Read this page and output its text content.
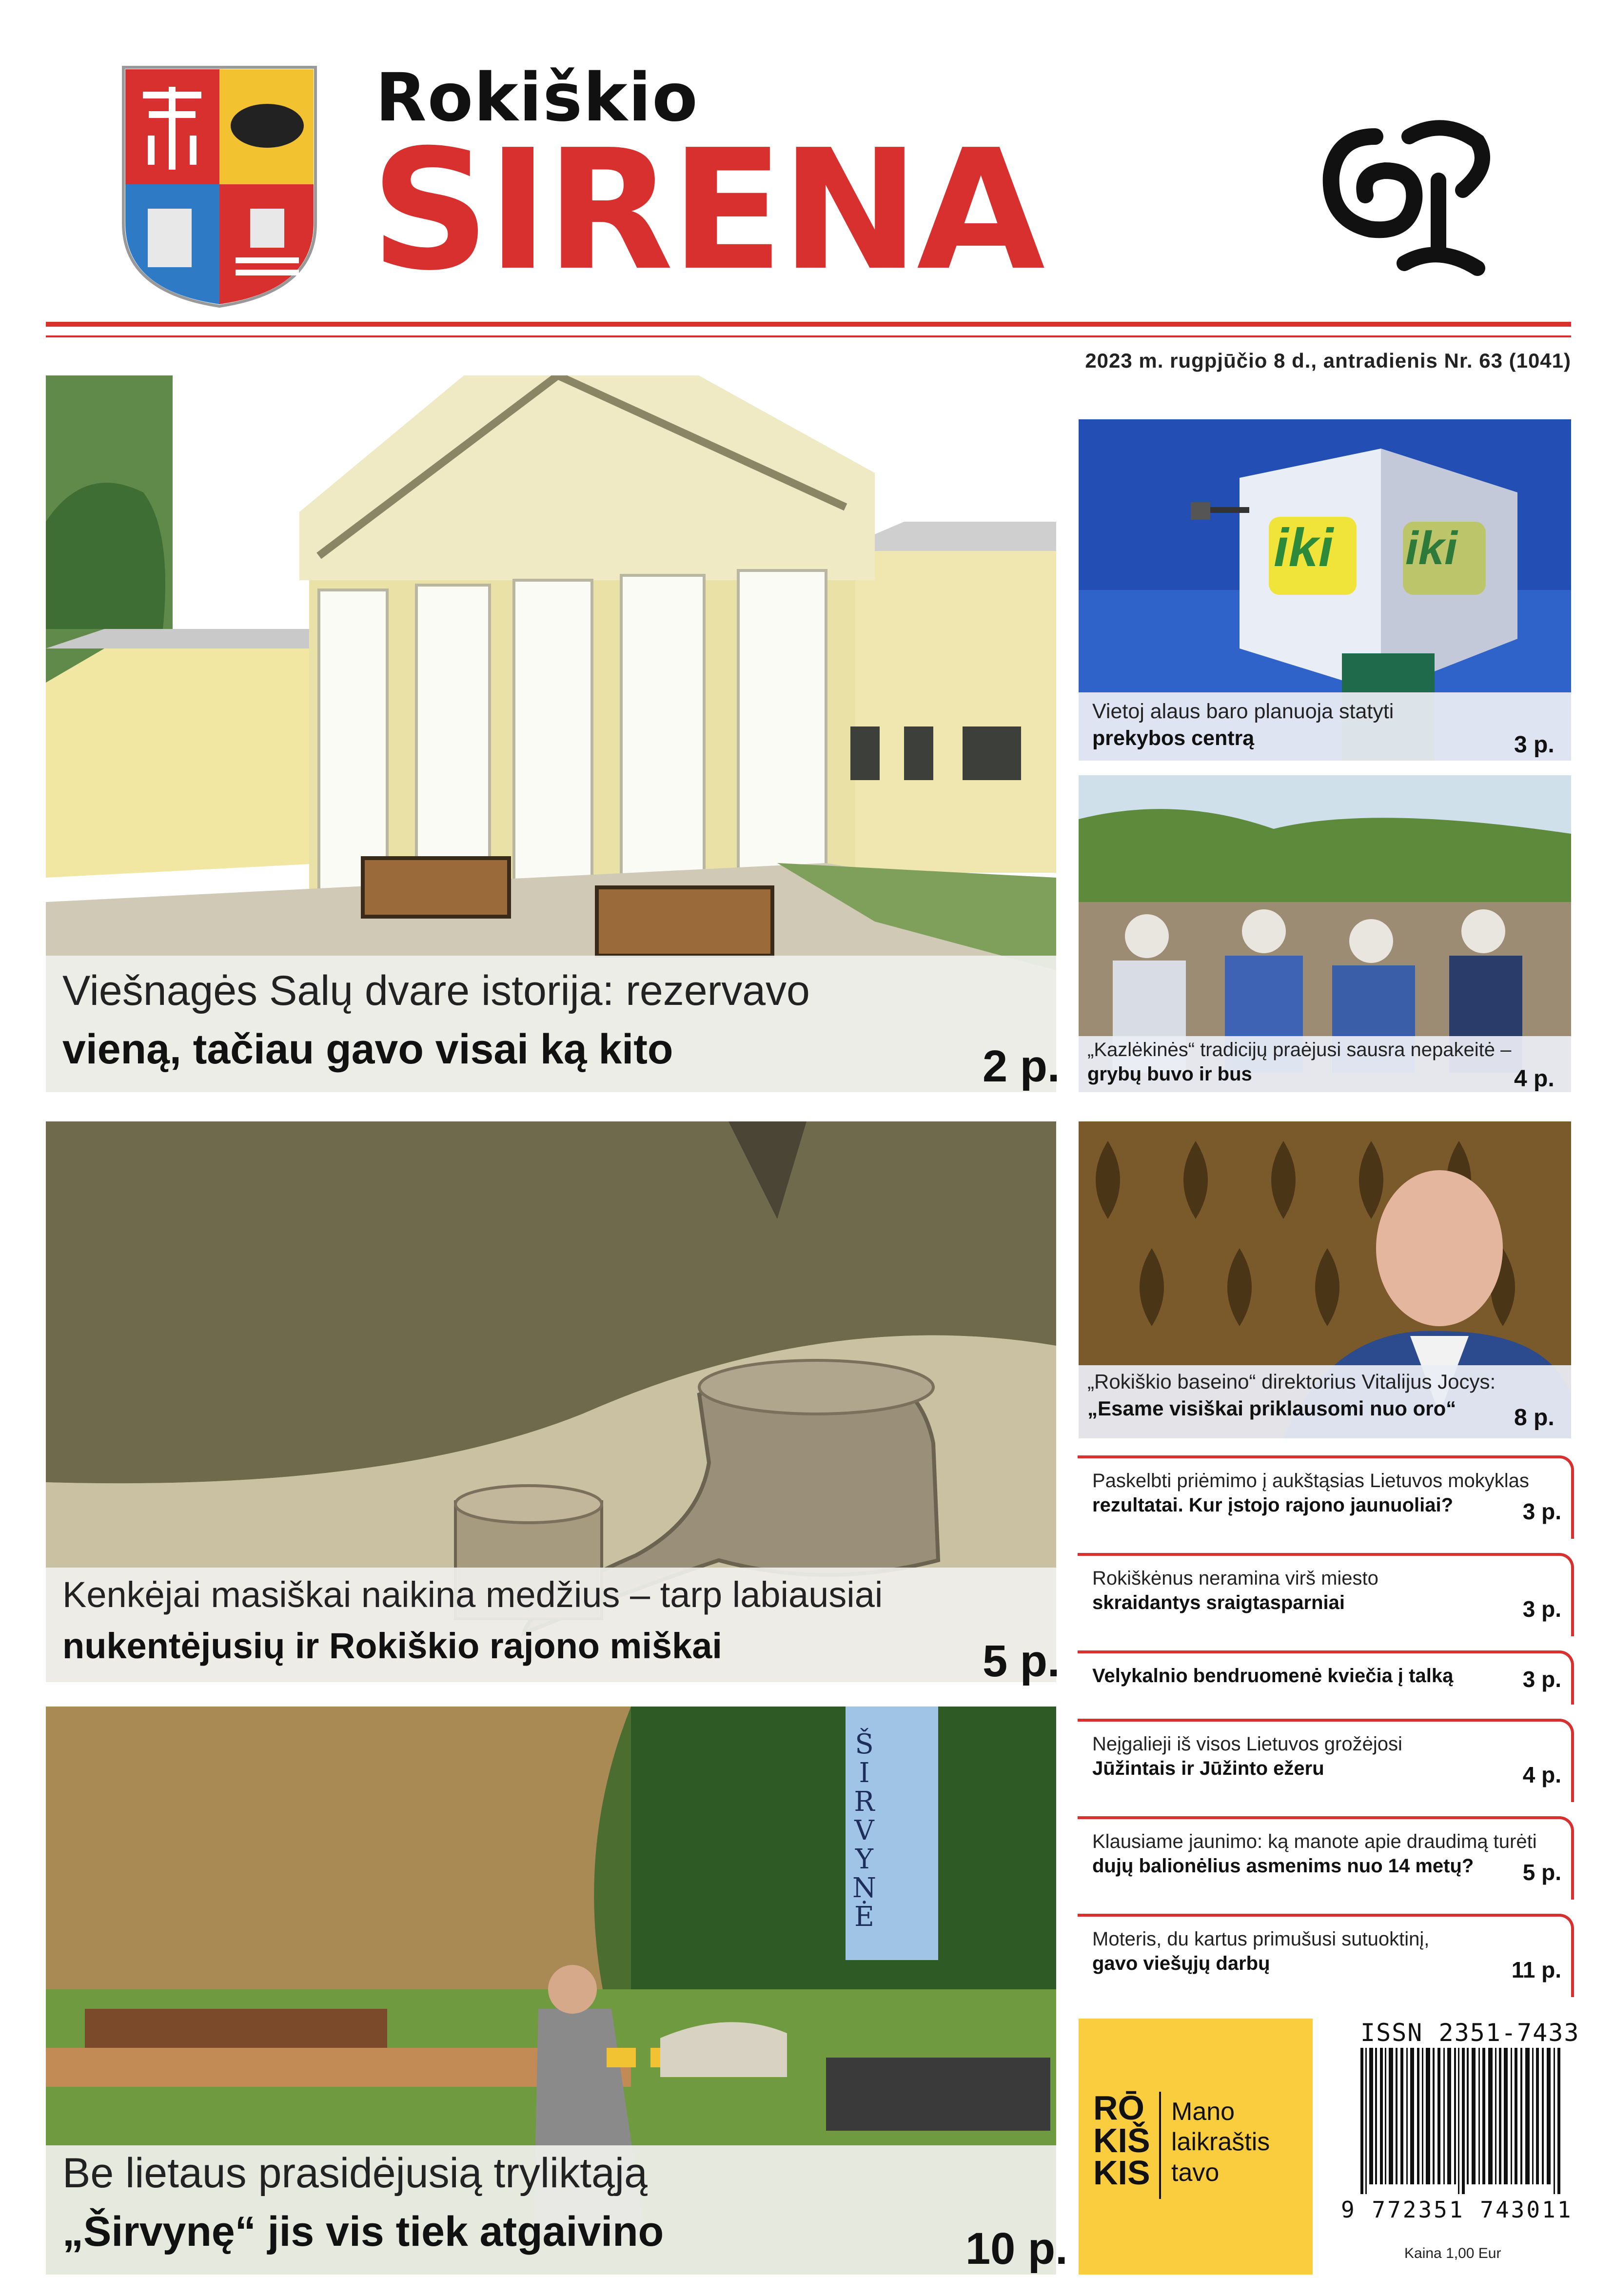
Rokiškio
SIRENA
2023 m. rugpjūčio 8 d., antradienis Nr. 63 (1041)
Viešnagės Salų dvare istorija: rezervavo
vieną, tačiau gavo visai ką kito	2 p.
Kenkėjai masiškai naikina medžius – tarp labiausiai
nukentėjusių ir Rokiškio rajono miškai	5 p.
ŠIRVYNĖ
Be lietaus prasidėjusią tryliktąją
„Širvynę“ jis vis tiek atgaivino	10 p.
iki iki
Vietoj alaus baro planuoja statyti
prekybos centrą	3 p.
„Kazlėkinės“ tradicijų praėjusi sausra nepakeitė –
grybų buvo ir bus	4 p.
„Rokiškio baseino“ direktorius Vitalijus Jocys:
„Esame visiškai priklausomi nuo oro“ 8 p.
Paskelbti priėmimo į aukštąsias Lietuvos mokyklas
rezultatai. Kur įstojo rajono jaunuoliai?	3 p.
Rokiškėnus neramina virš miesto
skraidantys sraigtasparniai	3 p.
Velykalnio bendruomenė kviečia į talką	3 p.
Neįgalieji iš visos Lietuvos grožėjosi
Jūžintais ir Jūžinto ežeru	4 p.
Klausiame jaunimo: ką manote apie draudimą turėti
dujų balionėlius asmenims nuo 14 metų? 5 p.
Moteris, du kartus primušusi sutuoktinį,
gavo viešųjų darbų	11 p.
RŌ
KIŠ
KIS
Mano
laikraštis
tavo
ISSN 2351-7433
9 772351 743011
Kaina 1,00 Eur
